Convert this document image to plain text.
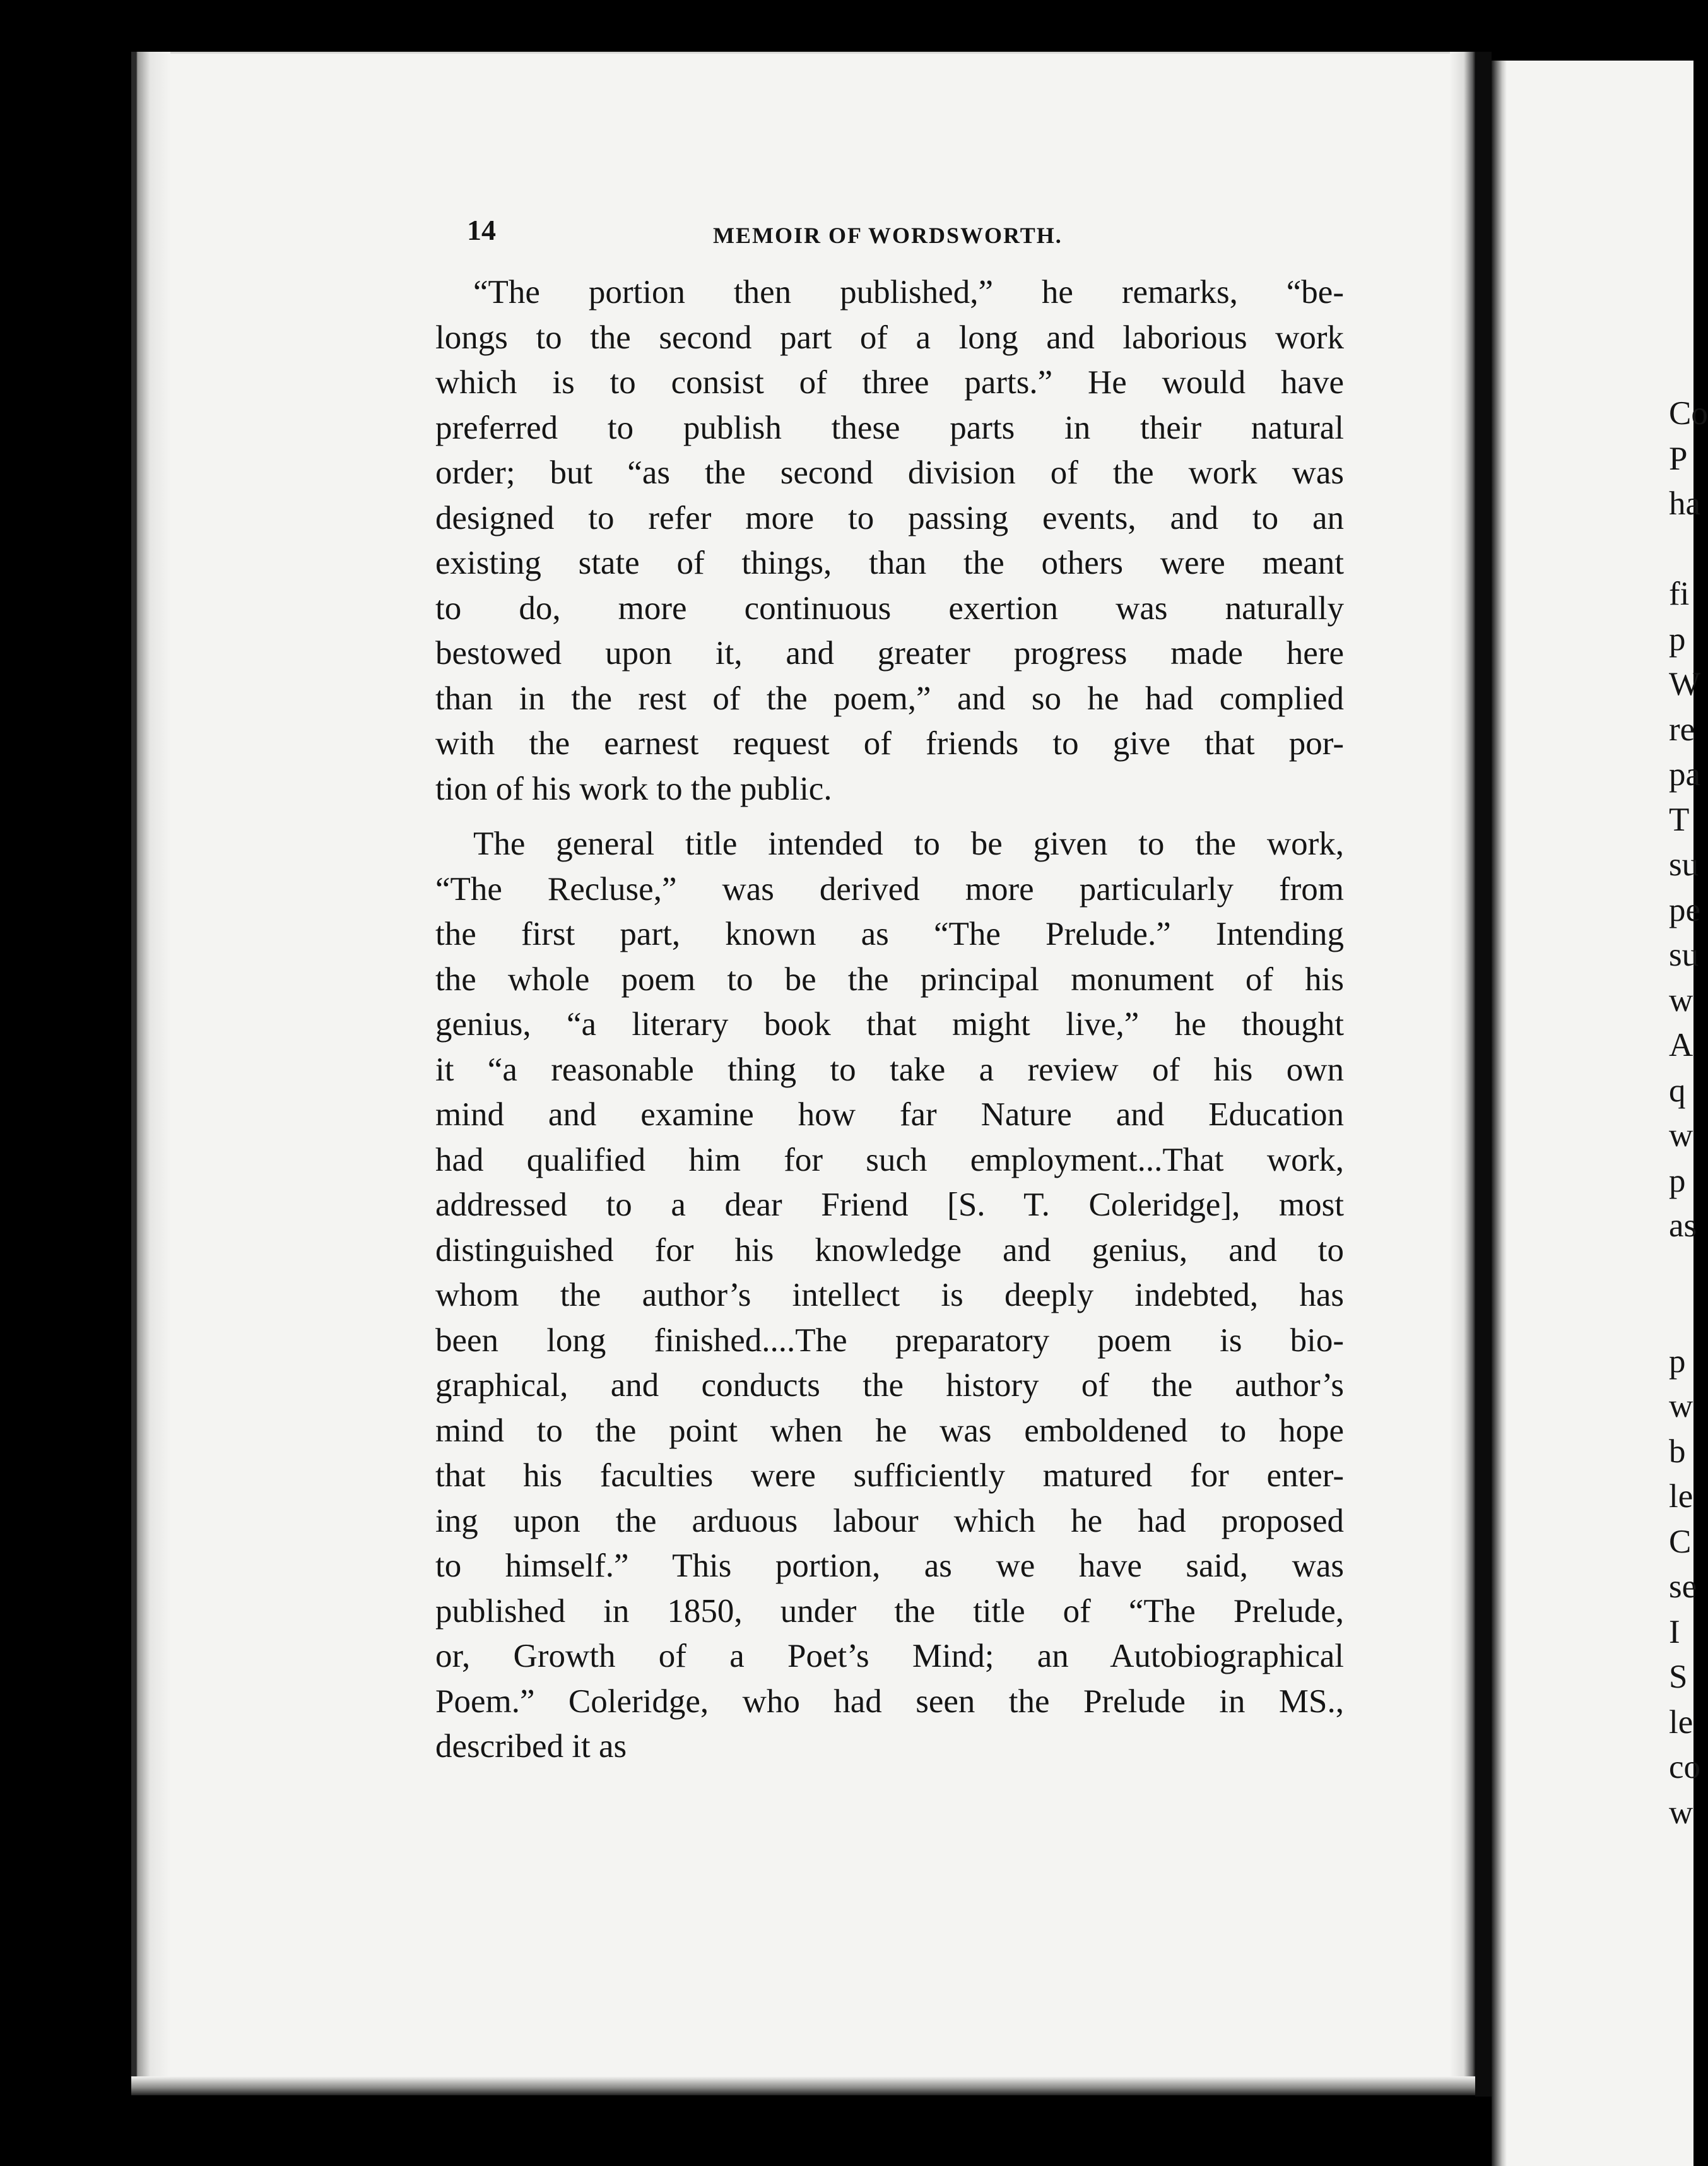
14	MEMOIR OF WORDSWORTH.
“The portion then published,” he remarks, “be-
longs to the second part of a long and laborious work
which is to consist of three parts.” He would have
preferred to publish these parts in their natural
order; but “as the second division of the work was
designed to refer more to passing events, and to an
existing state of things, than the others were meant
to do, more continuous exertion was naturally
bestowed upon it, and greater progress made here
than in the rest of the poem,” and so he had complied
with the earnest request of friends to give that por-
tion of his work to the public.
The general title intended to be given to the work,
“The Recluse,” was derived more particularly from
the first part, known as “The Prelude.” Intending
the whole poem to be the principal monument of his
genius, “a literary book that might live,” he thought
it “a reasonable thing to take a review of his own
mind and examine how far Nature and Education
had qualified him for such employment...That work,
addressed to a dear Friend [S. T. Coleridge], most
distinguished for his knowledge and genius, and to
whom the author’s intellect is deeply indebted, has
been long finished....The preparatory poem is bio-
graphical, and conducts the history of the author’s
mind to the point when he was emboldened to hope
that his faculties were sufficiently matured for enter-
ing upon the arduous labour which he had proposed
to himself.” This portion, as we have said, was
published in 1850, under the title of “The Prelude,
or, Growth of a Poet’s Mind; an Autobiographical
Poem.” Coleridge, who had seen the Prelude in MS.,
described it as
Co
P
ha
fi
p
W
re
pa
T
su
pe
su
w
A
q
w
p
as
p
w
b
le
C
se
I
S
le
co
w
